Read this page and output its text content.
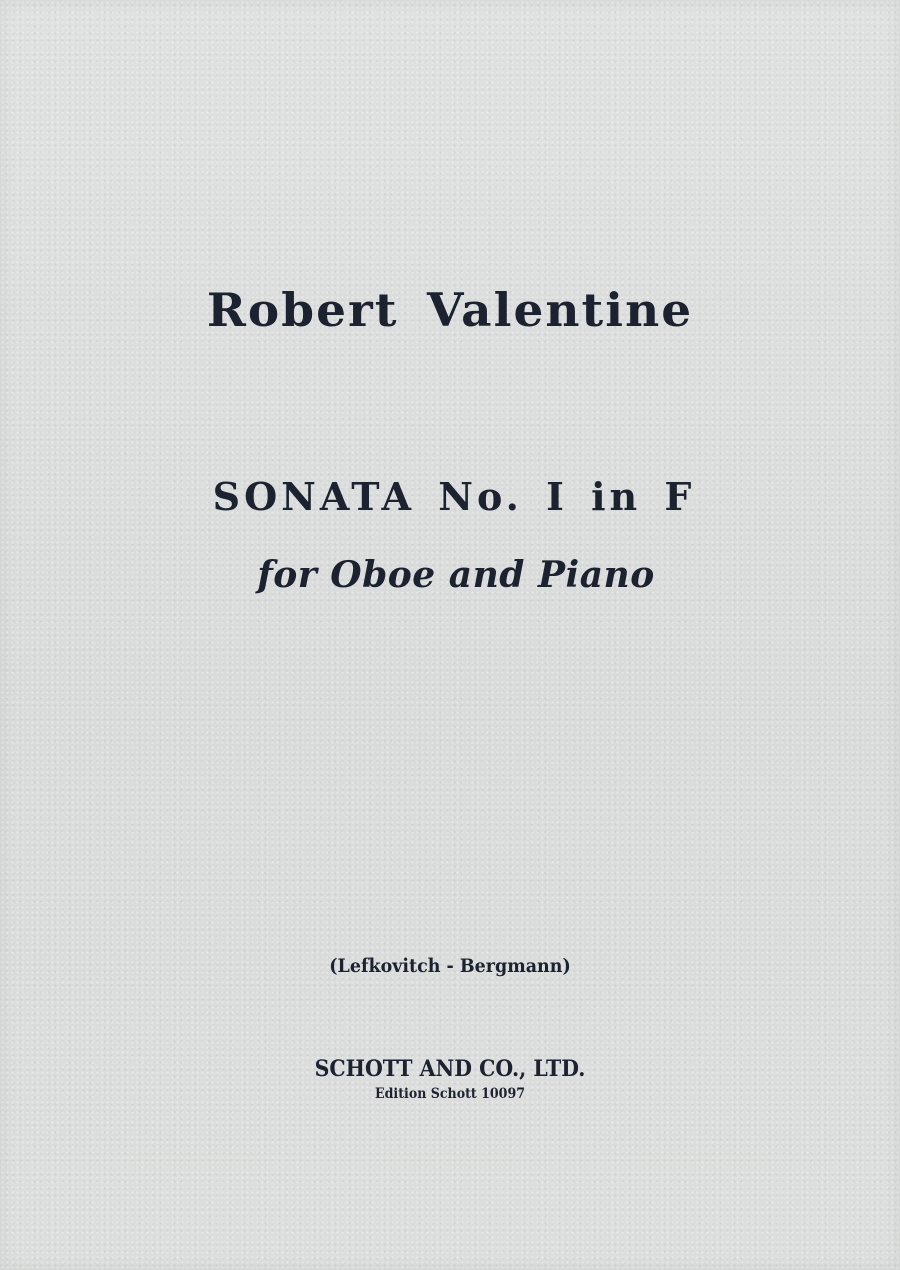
Robert Valentine
SONATA No. I in F
for Oboe and Piano
(Lefkovitch - Bergmann)
SCHOTT AND CO., LTD.
Edition Schott 10097
